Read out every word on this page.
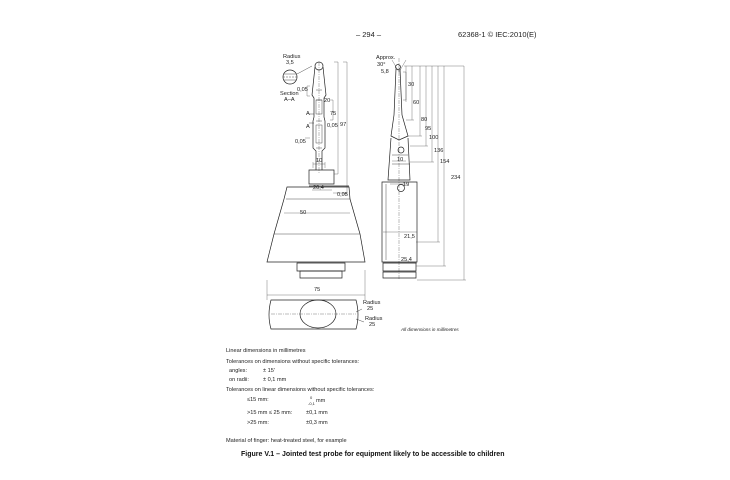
– 294 –	62368-1 © IEC:2010(E)
Radius
3,5
Section
A–A
0,05
20
75
97
A
A	0,05
0,05
10
20,4
0,05
50
75
Radius
25
Radius
25
Approx.
30°
5,8
30
60
80
95
100
136
154
234
10
19
21,5
25,4
All dimensions in millimetres
Linear dimensions in millimetres
Tolerances on dimensions without specific tolerances:
angles:	± 15'
on radii:	± 0,1 mm
Tolerances on linear dimensions without specific tolerances:
≤15 mm:	0
-0,1 mm
>15 mm ≤ 25 mm: ±0,1 mm
>25 mm:	±0,3 mm
Material of finger: heat-treated steel, for example
Figure V.1 – Jointed test probe for equipment likely to be accessible to children
